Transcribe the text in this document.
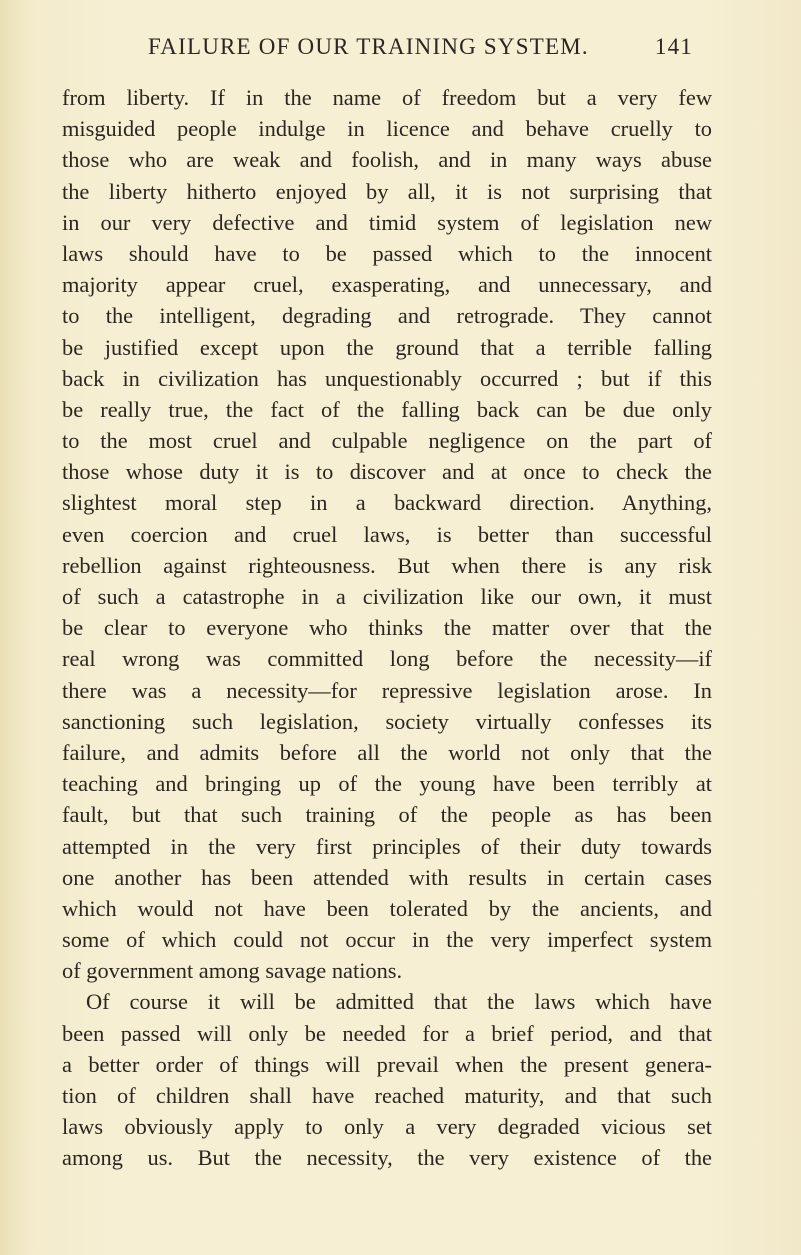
FAILURE OF OUR TRAINING SYSTEM.	141
from liberty. If in the name of freedom but a very few
misguided people indulge in licence and behave cruelly to
those who are weak and foolish, and in many ways abuse
the liberty hitherto enjoyed by all, it is not surprising that
in our very defective and timid system of legislation new
laws should have to be passed which to the innocent
majority appear cruel, exasperating, and unnecessary, and
to the intelligent, degrading and retrograde. They cannot
be justified except upon the ground that a terrible falling
back in civilization has unquestionably occurred ; but if this
be really true, the fact of the falling back can be due only
to the most cruel and culpable negligence on the part of
those whose duty it is to discover and at once to check the
slightest moral step in a backward direction. Anything,
even coercion and cruel laws, is better than successful
rebellion against righteousness. But when there is any risk
of such a catastrophe in a civilization like our own, it must
be clear to everyone who thinks the matter over that the
real wrong was committed long before the necessity—if
there was a necessity—for repressive legislation arose. In
sanctioning such legislation, society virtually confesses its
failure, and admits before all the world not only that the
teaching and bringing up of the young have been terribly at
fault, but that such training of the people as has been
attempted in the very first principles of their duty towards
one another has been attended with results in certain cases
which would not have been tolerated by the ancients, and
some of which could not occur in the very imperfect system
of government among savage nations.
Of course it will be admitted that the laws which have
been passed will only be needed for a brief period, and that
a better order of things will prevail when the present genera-
tion of children shall have reached maturity, and that such
laws obviously apply to only a very degraded vicious set
among us. But the necessity, the very existence of the
